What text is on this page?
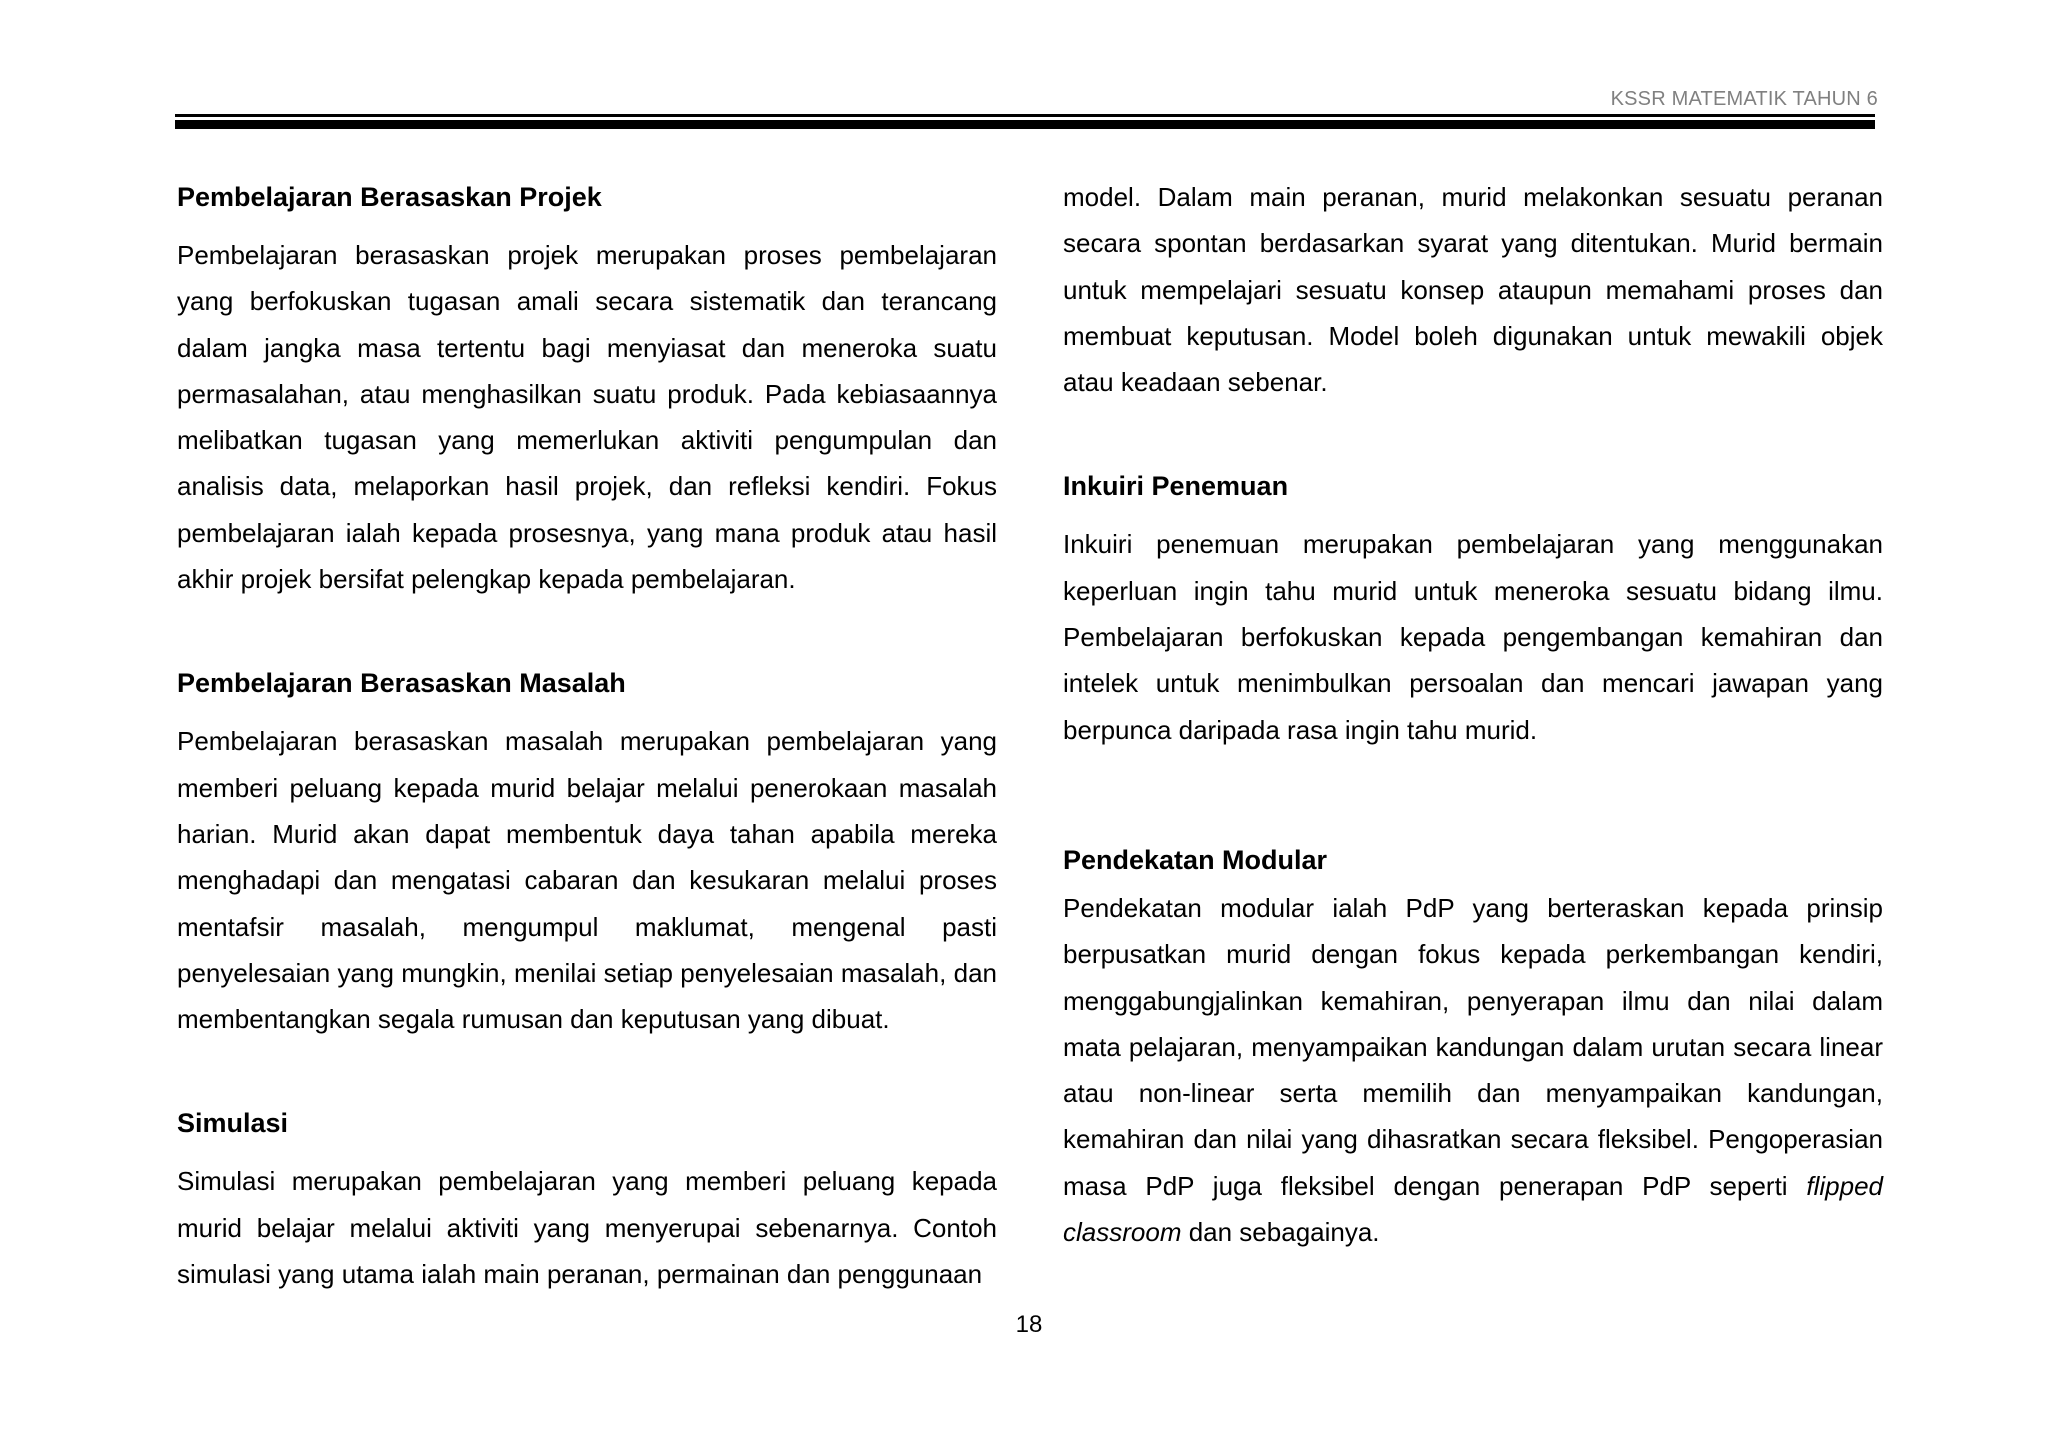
KSSR MATEMATIK TAHUN 6
Pembelajaran Berasaskan Projek

Pembelajaran berasaskan projek merupakan proses pembelajaran yang berfokuskan tugasan amali secara sistematik dan terancang dalam jangka masa tertentu bagi menyiasat dan meneroka suatu permasalahan, atau menghasilkan suatu produk. Pada kebiasaannya melibatkan tugasan yang memerlukan aktiviti pengumpulan dan analisis data, melaporkan hasil projek, dan refleksi kendiri. Fokus pembelajaran ialah kepada prosesnya, yang mana produk atau hasil akhir projek bersifat pelengkap kepada pembelajaran.

Pembelajaran Berasaskan Masalah

Pembelajaran berasaskan masalah merupakan pembelajaran yang memberi peluang kepada murid belajar melalui penerokaan masalah harian. Murid akan dapat membentuk daya tahan apabila mereka menghadapi dan mengatasi cabaran dan kesukaran melalui proses mentafsir masalah, mengumpul maklumat, mengenal pasti penyelesaian yang mungkin, menilai setiap penyelesaian masalah, dan membentangkan segala rumusan dan keputusan yang dibuat.

Simulasi

Simulasi merupakan pembelajaran yang memberi peluang kepada murid belajar melalui aktiviti yang menyerupai sebenarnya. Contoh simulasi yang utama ialah main peranan, permainan dan penggunaan

model. Dalam main peranan, murid melakonkan sesuatu peranan secara spontan berdasarkan syarat yang ditentukan. Murid bermain untuk mempelajari sesuatu konsep ataupun memahami proses dan membuat keputusan. Model boleh digunakan untuk mewakili objek atau keadaan sebenar.

Inkuiri Penemuan

Inkuiri penemuan merupakan pembelajaran yang menggunakan keperluan ingin tahu murid untuk meneroka sesuatu bidang ilmu. Pembelajaran berfokuskan kepada pengembangan kemahiran dan intelek untuk menimbulkan persoalan dan mencari jawapan yang berpunca daripada rasa ingin tahu murid.

Pendekatan Modular

Pendekatan modular ialah PdP yang berteraskan kepada prinsip berpusatkan murid dengan fokus kepada perkembangan kendiri, menggabungjalinkan kemahiran, penyerapan ilmu dan nilai dalam mata pelajaran, menyampaikan kandungan dalam urutan secara linear atau non-linear serta memilih dan menyampaikan kandungan, kemahiran dan nilai yang dihasratkan secara fleksibel. Pengoperasian masa PdP juga fleksibel dengan penerapan PdP seperti flipped classroom dan sebagainya.

18
